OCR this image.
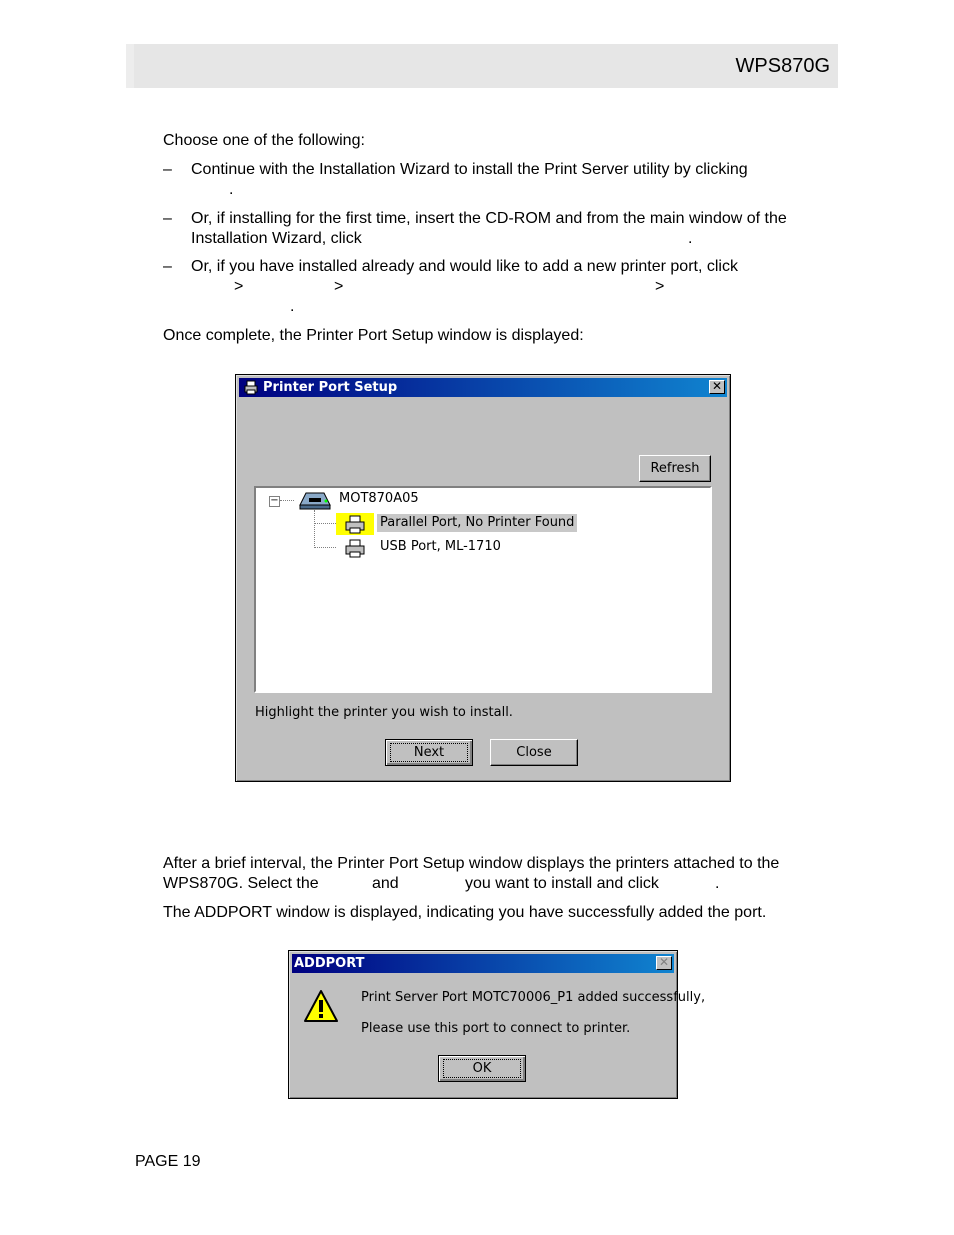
WPS870G
Choose one of the following:
– Continue with the Installation Wizard to install the Print Server utility by clicking
.
– Or, if installing for the first time, insert the CD-ROM and from the main window of the
Installation Wizard, click	.
– Or, if you have installed already and would like to add a new printer port, click
>	>	>
.
Once complete, the Printer Port Setup window is displayed:
Printer Port Setup	✕
Refresh
−	MOT870A05
Parallel Port, No Printer Found
USB Port, ML-1710
Highlight the printer you wish to install.
Next	Close
After a brief interval, the Printer Port Setup window displays the printers attached to the
WPS870G. Select the	and	you want to install and click	.
The ADDPORT window is displayed, indicating you have successfully added the port.
ADDPORT	✕
Print Server Port MOTC70006_P1 added successfully,
Please use this port to connect to printer.
OK
PAGE 19
